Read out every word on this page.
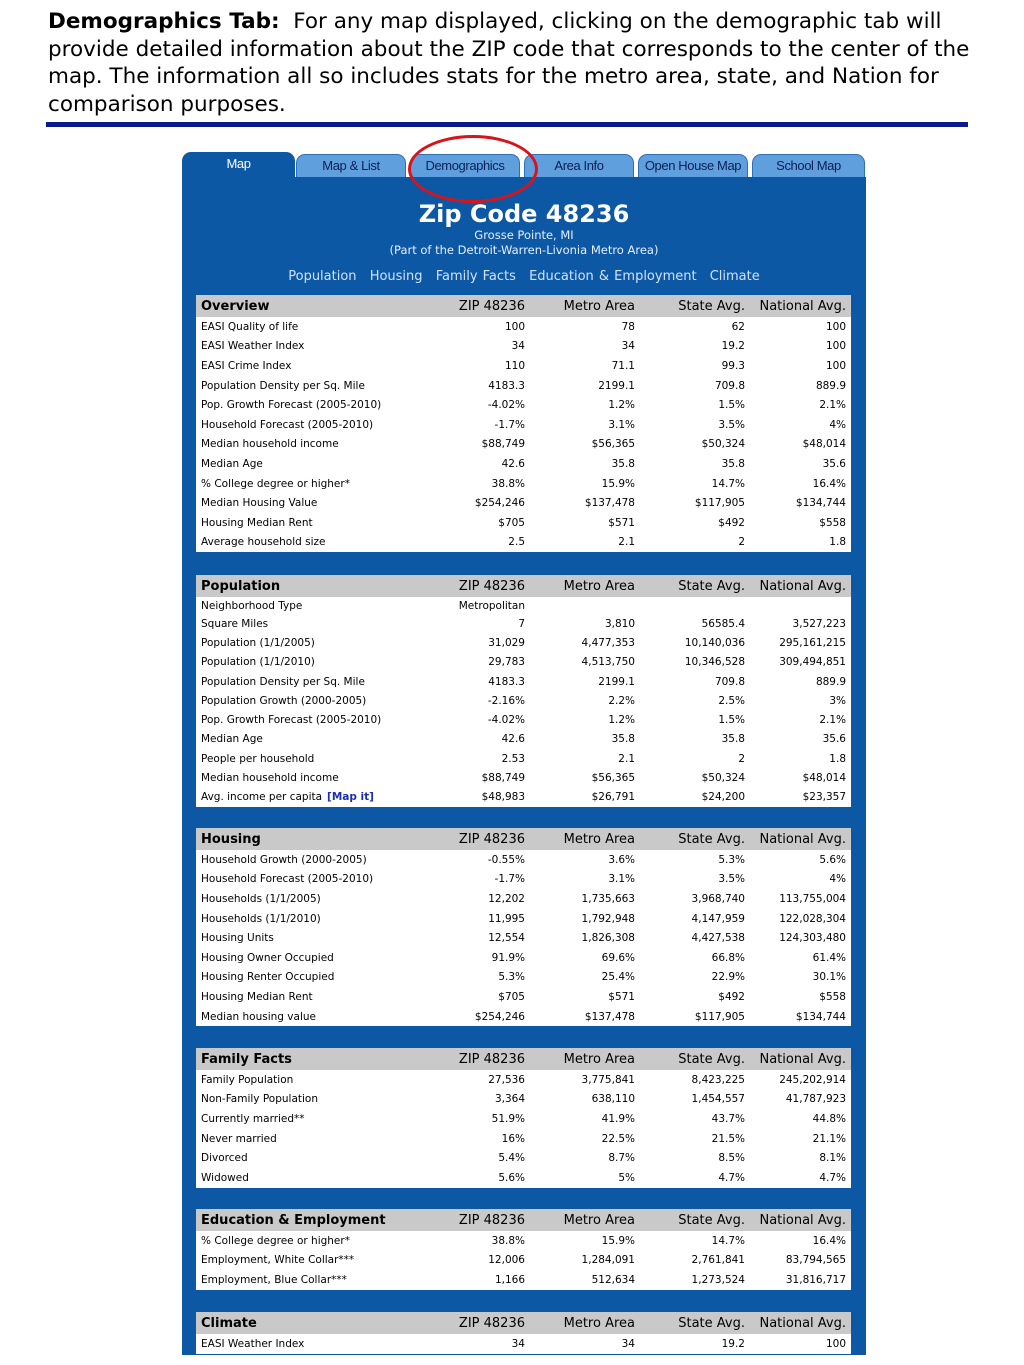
Demographics Tab: For any map displayed, clicking on the demographic tab will provide detailed information about the ZIP code that corresponds to the center of the map. The information all so includes stats for the metro area, state, and Nation for comparison purposes.
Map	Map & List	Demographics	Area Info	Open House Map	School Map
Zip Code 48236
Grosse Pointe, MI
(Part of the Detroit-Warren-Livonia Metro Area)
Population Housing Family Facts Education & Employment Climate
Overview	ZIP 48236	Metro Area	State Avg.	National Avg.
EASI Quality of life	100	78	62	100
EASI Weather Index	34	34	19.2	100
EASI Crime Index	110	71.1	99.3	100
Population Density per Sq. Mile	4183.3	2199.1	709.8	889.9
Pop. Growth Forecast (2005-2010)	-4.02%	1.2%	1.5%	2.1%
Household Forecast (2005-2010)	-1.7%	3.1%	3.5%	4%
Median household income	$88,749	$56,365	$50,324	$48,014
Median Age	42.6	35.8	35.8	35.6
% College degree or higher*	38.8%	15.9%	14.7%	16.4%
Median Housing Value	$254,246	$137,478	$117,905	$134,744
Housing Median Rent	$705	$571	$492	$558
Average household size	2.5	2.1	2	1.8
Population	ZIP 48236	Metro Area	State Avg.	National Avg.
Neighborhood Type	Metropolitan
Square Miles	7	3,810	56585.4	3,527,223
Population (1/1/2005)	31,029	4,477,353	10,140,036	295,161,215
Population (1/1/2010)	29,783	4,513,750	10,346,528	309,494,851
Population Density per Sq. Mile	4183.3	2199.1	709.8	889.9
Population Growth (2000-2005)	-2.16%	2.2%	2.5%	3%
Pop. Growth Forecast (2005-2010)	-4.02%	1.2%	1.5%	2.1%
Median Age	42.6	35.8	35.8	35.6
People per household	2.53	2.1	2	1.8
Median household income	$88,749	$56,365	$50,324	$48,014
Avg. income per capita [Map it]	$48,983	$26,791	$24,200	$23,357
Housing	ZIP 48236	Metro Area	State Avg.	National Avg.
Household Growth (2000-2005)	-0.55%	3.6%	5.3%	5.6%
Household Forecast (2005-2010)	-1.7%	3.1%	3.5%	4%
Households (1/1/2005)	12,202	1,735,663	3,968,740	113,755,004
Households (1/1/2010)	11,995	1,792,948	4,147,959	122,028,304
Housing Units	12,554	1,826,308	4,427,538	124,303,480
Housing Owner Occupied	91.9%	69.6%	66.8%	61.4%
Housing Renter Occupied	5.3%	25.4%	22.9%	30.1%
Housing Median Rent	$705	$571	$492	$558
Median housing value	$254,246	$137,478	$117,905	$134,744
Family Facts	ZIP 48236	Metro Area	State Avg.	National Avg.
Family Population	27,536	3,775,841	8,423,225	245,202,914
Non-Family Population	3,364	638,110	1,454,557	41,787,923
Currently married**	51.9%	41.9%	43.7%	44.8%
Never married	16%	22.5%	21.5%	21.1%
Divorced	5.4%	8.7%	8.5%	8.1%
Widowed	5.6%	5%	4.7%	4.7%
Education & Employment	ZIP 48236	Metro Area	State Avg.	National Avg.
% College degree or higher*	38.8%	15.9%	14.7%	16.4%
Employment, White Collar***	12,006	1,284,091	2,761,841	83,794,565
Employment, Blue Collar***	1,166	512,634	1,273,524	31,816,717
Climate	ZIP 48236	Metro Area	State Avg.	National Avg.
EASI Weather Index	34	34	19.2	100
